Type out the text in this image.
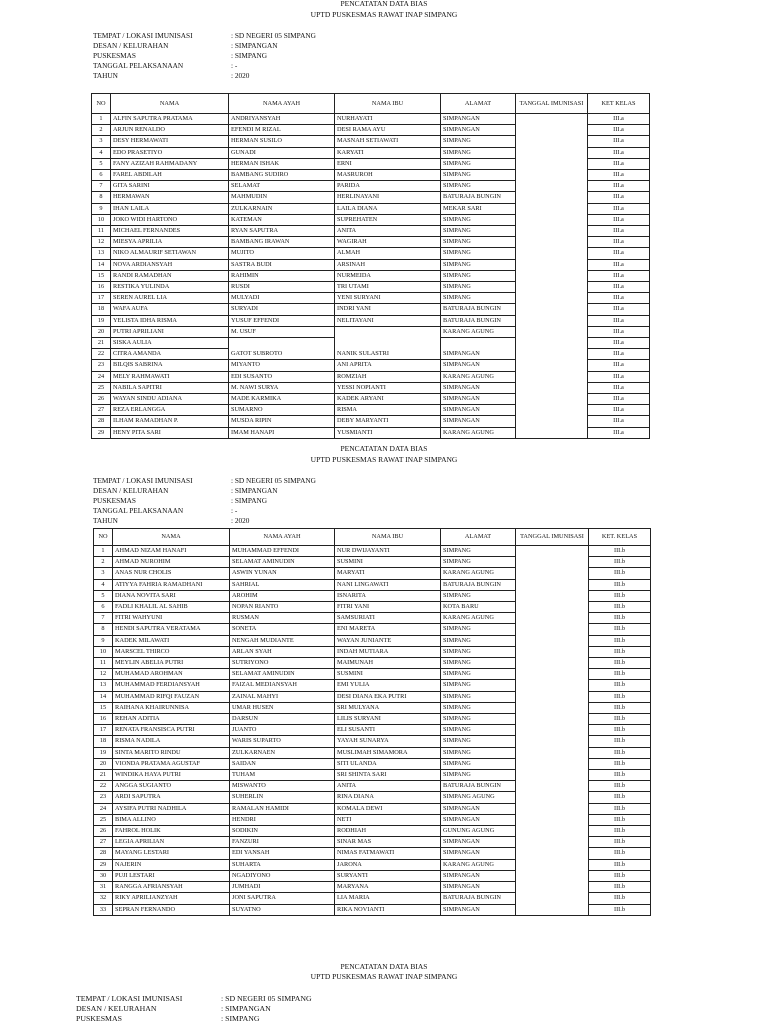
PENCATATAN DATA BIAS
UPTD PUSKESMAS RAWAT INAP SIMPANG
TEMPAT / LOKASI IMUNISASI	: SD NEGERI 05 SIMPANG
DESAN / KELURAHAN	: SIMPANGAN
PUSKESMAS	: SIMPANG
TANGGAL PELAKSANAAN	: -
TAHUN	: 2020
NO	NAMA	NAMA AYAH	NAMA IBU	ALAMAT	TANGGAL IMUNISASI	KET KELAS
1	ALFIN SAPUTRA PRATAMA	ANDRIYANSYAH	NURHAYATI	SIMPANGAN		III.a
2	ARJUN RENALDO	EFENDI M RIZAL	DESI RAMA AYU	SIMPANGAN		III.a
3	DESY HERMAWATI	HERMAN SUSILO	MASNAH SETIAWATI	SIMPANG		III.a
4	EDO PRASETIYO	GUNADI	KARYATI	SIMPANG		III.a
5	FANY AZIZAH RAHMADANY	HERMAN ISHAK	ERNI	SIMPANG		III.a
6	FAREL ABDILAH	BAMBANG SUDIRO	MASRUROH	SIMPANG		III.a
7	GITA SARINI	SELAMAT	PARIDA	SIMPANG		III.a
8	HERMAWAN	MAHMUDIN	HERLINAYANI	BATURAJA BUNGIN		III.a
9	IHAN LAILA	ZULKARNAIN	LAILA DIANA	MEKAR SARI		III.a
10	JOKO WIDI HARTONO	KATEMAN	SUPREHATEN	SIMPANG		III.a
11	MICHAEL FERNANDES	RYAN SAPUTRA	ANITA	SIMPANG		III.a
12	MIESYA APRILIA	BAMBANG IRAWAN	WAGIRAH	SIMPANG		III.a
13	NIKO ALMAURIF SETIAWAN	MUJITO	ALMAH	SIMPANG		III.a
14	NOVA ARDIANSYAH	SASTRA BUDI	ARSINAH	SIMPANG		III.a
15	RANDI RAMADHAN	RAHIMIN	NURMEIDA	SIMPANG		III.a
16	RESTIKA YULINDA	RUSDI	TRI UTAMI	SIMPANG		III.a
17	SEREN AUREL LIA	MULYADI	YENI SURYANI	SIMPANG		III.a
18	WAFA AUFA	SURYADI	INDRI YANI	BATURAJA BUNGIN		III.a
19	YELISTA IDHA RISMA	YUSUF EFFENDI	NELITAYANI	BATURAJA BUNGIN		III.a
20	PUTRI APRILIANI	M. USUF		KARANG AGUNG		III.a
21	SISKA AULIA					III.a
22	CITRA AMANDA	GATOT SUBROTO	NANIK SULASTRI	SIMPANGAN		III.a
23	BILQIS SABRINA	MIYANTO	ANI APRITA	SIMPANGAN		III.a
24	MELY RAHMAWATI	EDI SUSANTO	ROMZIAH	KARANG AGUNG		III.a
25	NABILA SAPITRI	M. NAWI SURYA	YESSI NOPIANTI	SIMPANGAN		III.a
26	WAYAN SINDU ADIANA	MADE KARMIKA	KADEK ARYANI	SIMPANGAN		III.a
27	REZA ERLANGGA	SUMARNO	RISMA	SIMPANGAN		III.a
28	ILHAM RAMADHAN P.	MUSDA RIPIN	DEBY MARYANTI	SIMPANGAN		III.a
29	HENY PITA SARI	IMAM HANAPI	YUSMIANTI	KARANG AGUNG		III.a
PENCATATAN DATA BIAS
UPTD PUSKESMAS RAWAT INAP SIMPANG
TEMPAT / LOKASI IMUNISASI	: SD NEGERI 05 SIMPANG
DESAN / KELURAHAN	: SIMPANGAN
PUSKESMAS	: SIMPANG
TANGGAL PELAKSANAAN	: -
TAHUN	: 2020
NO	NAMA	NAMA AYAH	NAMA IBU	ALAMAT	TANGGAL IMUNISASI	KET. KELAS
1	AHMAD NIZAM HANAFI	MUHAMMAD EFFENDI	NUR DWIJAYANTI	SIMPANG		III.b
2	AHMAD NUROHIM	SELAMAT AMINUDIN	SUSMINI	SIMPANG		III.b
3	ANAS NUR CHOLIS	ASWIN YUNAN	MARYATI	KARANG AGUNG		III.b
4	ATIYYA FAHRIA RAMADHANI	SAHRIAL	NANI LINGAWATI	BATURAJA BUNGIN		III.b
5	DIANA NOVITA SARI	AROHIM	ISNARITA	SIMPANG		III.b
6	FADLI KHALIL AL SAHIB	NOPAN RIANTO	FITRI YANI	KOTA BARU		III.b
7	FITRI WAHYUNI	RUSMAN	SAMSURIATI	KARANG AGUNG		III.b
8	HENDI SAPUTRA VERATAMA	SONETA	ENI MARETA	SIMPANG		III.b
9	KADEK MILAWATI	NENGAH MUDIANTE	WAYAN JUNIANTE	SIMPANG		III.b
10	MARSCEL THIRCO	ARLAN SYAH	INDAH MUTIARA	SIMPANG		III.b
11	MEYLIN ABELIA PUTRI	SUTRIYONO	MAIMUNAH	SIMPANG		III.b
12	MUHAMAD AROHMAN	SELAMAT AMINUDIN	SUSMINI	SIMPANG		III.b
13	MUHAMMAD FERDIANSYAH	FAIZAL MEDIANSYAH	EMI YULIA	SIMPANG		III.b
14	MUHAMMAD RIFQI FAUZAN	ZAINAL MAHYI	DESI DIANA EKA PUTRI	SIMPANG		III.b
15	RAIHANA KHAIRUNNISA	UMAR HUSEN	SRI MULYANA	SIMPANG		III.b
16	REHAN ADITIA	DARSUN	LILIS SURYANI	SIMPANG		III.b
17	RENATA FRANSISCA PUTRI	JUANTO	ELI SUSANTI	SIMPANG		III.b
18	RISMA NADILA	WARIS SUPARTO	YAYAH SUNARYA	SIMPANG		III.b
19	SINTA MARITO RINDU	ZULKARNAEN	MUSLIMAH SIMAMORA	SIMPANG		III.b
20	VIONDA PRATAMA AGUSTAF	SAIDAN	SITI ULANDA	SIMPANG		III.b
21	WINDIKA HAYA PUTRI	TUHAM	SRI SHINTA SARI	SIMPANG		III.b
22	ANGGA SUGIANTO	MISWANTO	ANITA	BATURAJA BUNGIN		III.b
23	ARDI SAPUTRA	SUHERLIN	RINA DIANA	SIMPANG AGUNG		III.b
24	AYSIFA PUTRI NADHILA	RAMALAN HAMIDI	KOMALA DEWI	SIMPANGAN		III.b
25	BIMA ALLINO	HENDRI	NETI	SIMPANGAN		III.b
26	FAHROL HOLIK	SODIKIN	RODHIAH	GUNUNG AGUNG		III.b
27	LEGIA APRILIAN	FANZURI	SINAR MAS	SIMPANGAN		III.b
28	MAYANG LESTARI	EDI YANSAH	NIMAS FATMAWATI	SIMPANGAN		III.b
29	NAJERIN	SUHARTA	JARONA	KARANG AGUNG		III.b
30	PUJI LESTARI	NGADIYONO	SURYANTI	SIMPANGAN		III.b
31	RANGGA AFRIANSYAH	JUMHADI	MARYANA	SIMPANGAN		III.b
32	RIKY APRILIANZYAH	JONI SAPUTRA	LIA MARIA	BATURAJA BUNGIN		III.b
33	SEPRAN FERNANDO	SUYATNO	RIKA NOVIANTI	SIMPANGAN		III.b
PENCATATAN DATA BIAS
UPTD PUSKESMAS RAWAT INAP SIMPANG
TEMPAT / LOKASI IMUNISASI	: SD NEGERI 05 SIMPANG
DESAN / KELURAHAN	: SIMPANGAN
PUSKESMAS	: SIMPANG
